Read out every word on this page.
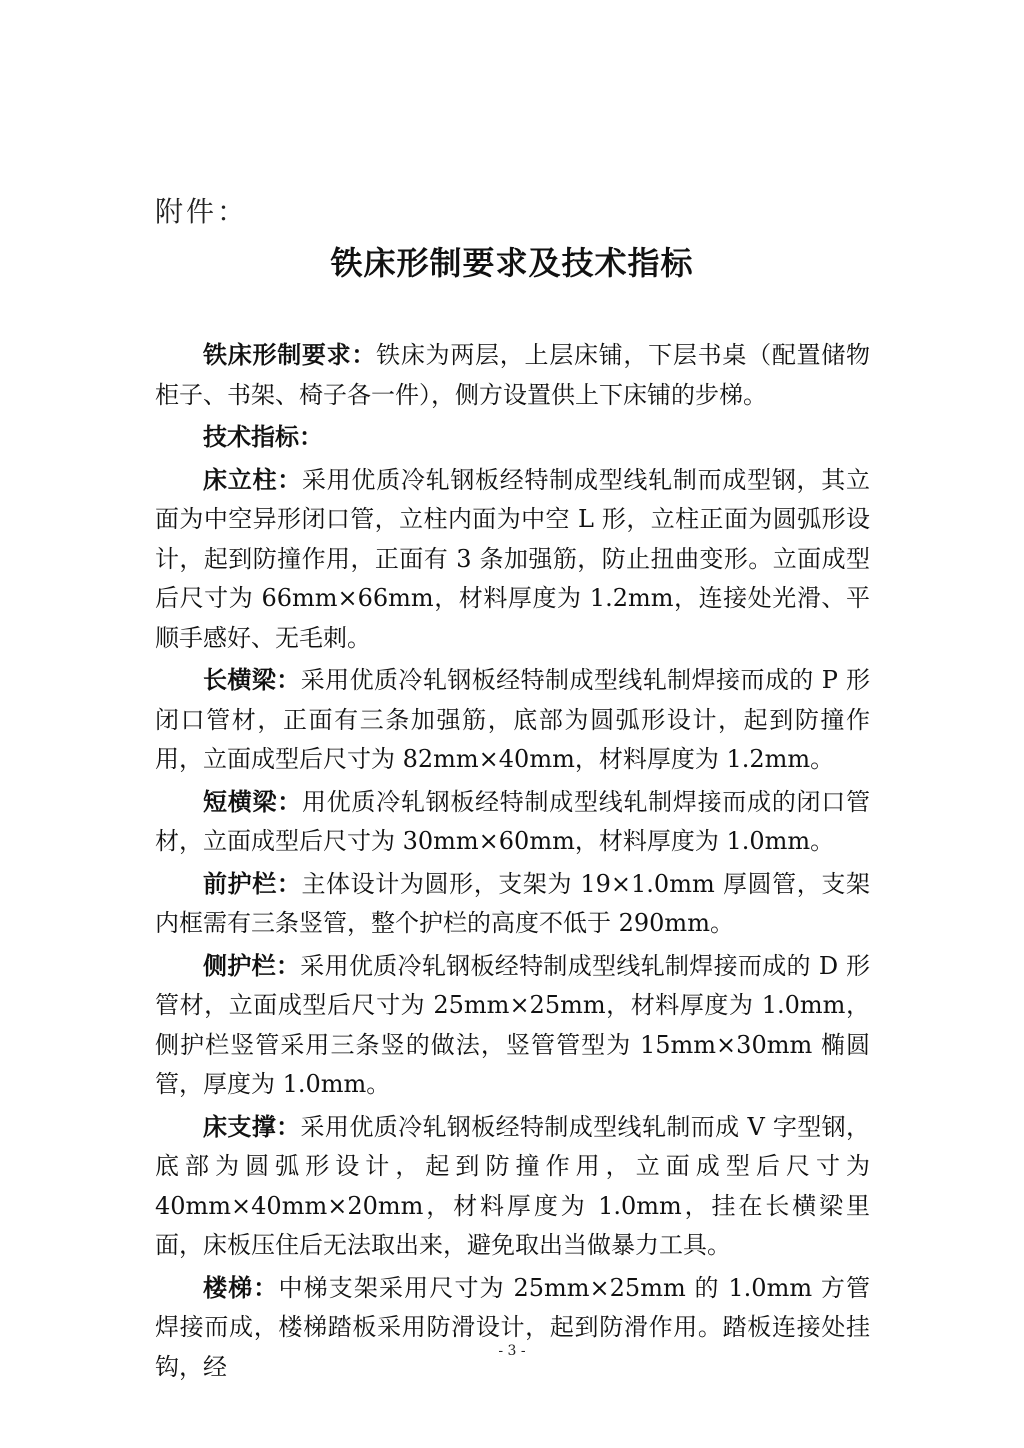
附件：

铁床形制要求及技术指标

铁床形制要求：铁床为两层，上层床铺，下层书桌（配置储物柜子、书架、椅子各一件），侧方设置供上下床铺的步梯。

技术指标：

床立柱：采用优质冷轧钢板经特制成型线轧制而成型钢，其立面为中空异形闭口管，立柱内面为中空 L 形，立柱正面为圆弧形设计，起到防撞作用，正面有 3 条加强筋，防止扭曲变形。立面成型后尺寸为 66mm×66mm，材料厚度为 1.2mm，连接处光滑、平顺手感好、无毛刺。

长横梁：采用优质冷轧钢板经特制成型线轧制焊接而成的 P 形闭口管材，正面有三条加强筋，底部为圆弧形设计，起到防撞作用，立面成型后尺寸为 82mm×40mm，材料厚度为 1.2mm。

短横梁：用优质冷轧钢板经特制成型线轧制焊接而成的闭口管材，立面成型后尺寸为 30mm×60mm，材料厚度为 1.0mm。

前护栏：主体设计为圆形，支架为 19×1.0mm 厚圆管，支架内框需有三条竖管，整个护栏的高度不低于 290mm。

侧护栏：采用优质冷轧钢板经特制成型线轧制焊接而成的 D 形管材，立面成型后尺寸为 25mm×25mm，材料厚度为 1.0mm，侧护栏竖管采用三条竖的做法，竖管管型为 15mm×30mm 椭圆管，厚度为 1.0mm。

床支撑：采用优质冷轧钢板经特制成型线轧制而成 V 字型钢，底部为圆弧形设计，起到防撞作用，立面成型后尺寸为 40mm×40mm×20mm，材料厚度为 1.0mm，挂在长横梁里面，床板压住后无法取出来，避免取出当做暴力工具。

楼梯：中梯支架采用尺寸为 25mm×25mm 的 1.0mm 方管焊接而成，楼梯踏板采用防滑设计，起到防滑作用。踏板连接处挂钩，经

- 3 -
